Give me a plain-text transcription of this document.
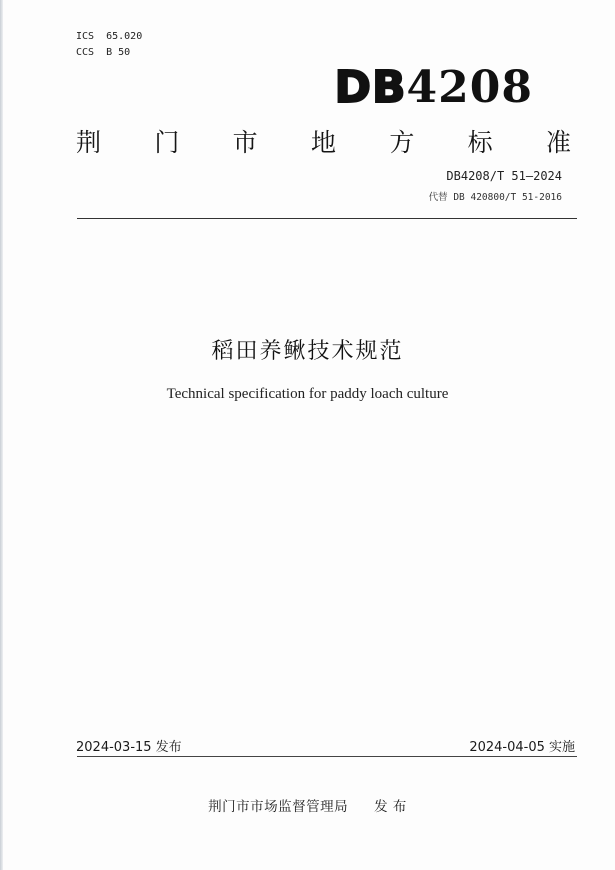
ICS  65.020
CCS  B 50
DB4208
荆 门 市 地 方 标 准
DB4208/T 51—2024
代替 DB 420800/T 51-2016
稻田养鳅技术规范
Technical specification for paddy loach culture
2024-03-15 发布	2024-04-05 实施
荆门市市场监督管理局 发 布
